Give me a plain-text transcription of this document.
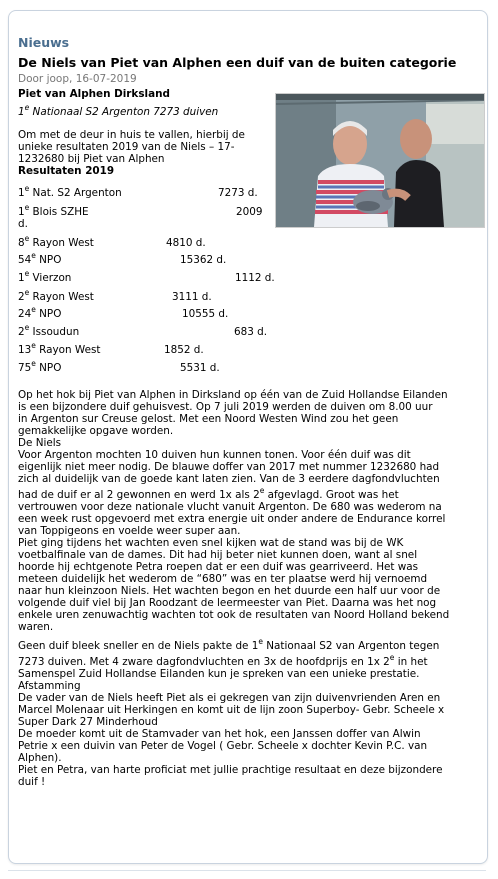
Nieuws
De Niels van Piet van Alphen een duif van de buiten categorie
Door joop, 16-07-2019
Piet van Alphen Dirksland
1e Nationaal S2 Argenton 7273 duiven
Om met de deur in huis te vallen, hierbij de
unieke resultaten 2019 van de Niels – 17-
1232680 bij Piet van Alphen
Resultaten 2019
1e Nat. S2 Argenton	7273 d.
1e Blois SZHE	2009
d.
8e Rayon West	4810 d.
54e NPO	15362 d.
1e Vierzon	1112 d.
2e Rayon West	3111 d.
24e NPO	10555 d.
2e Issoudun	683 d.
13e Rayon West	1852 d.
75e NPO	5531 d.

Op het hok bij Piet van Alphen in Dirksland op één van de Zuid Hollandse Eilanden

is een bijzondere duif gehuisvest. Op 7 juli 2019 werden de duiven om 8.00 uur

in Argenton sur Creuse gelost. Met een Noord Westen Wind zou het geen

gemakkelijke opgave worden.

De Niels

Voor Argenton mochten 10 duiven hun kunnen tonen. Voor één duif was dit

eigenlijk niet meer nodig. De blauwe doffer van 2017 met nummer 1232680 had

zich al duidelijk van de goede kant laten zien. Van de 3 eerdere dagfondvluchten

had de duif er al 2 gewonnen en werd 1x als 2e afgevlagd. Groot was het

vertrouwen voor deze nationale vlucht vanuit Argenton. De 680 was wederom na

een week rust opgevoerd met extra energie uit onder andere de Endurance korrel

van Toppigeons en voelde weer super aan.

Piet ging tijdens het wachten even snel kijken wat de stand was bij de WK

voetbalfinale van de dames. Dit had hij beter niet kunnen doen, want al snel

hoorde hij echtgenote Petra roepen dat er een duif was gearriveerd. Het was

meteen duidelijk het wederom de “680” was en ter plaatse werd hij vernoemd

naar hun kleinzoon Niels. Het wachten begon en het duurde een half uur voor de

volgende duif viel bij Jan Roodzant de leermeester van Piet. Daarna was het nog

enkele uren zenuwachtig wachten tot ook de resultaten van Noord Holland bekend

waren.

Geen duif bleek sneller en de Niels pakte de 1e Nationaal S2 van Argenton tegen

7273 duiven. Met 4 zware dagfondvluchten en 3x de hoofdprijs en 1x 2e in het

Samenspel Zuid Hollandse Eilanden kun je spreken van een unieke prestatie.

Afstamming

De vader van de Niels heeft Piet als ei gekregen van zijn duivenvrienden Aren en

Marcel Molenaar uit Herkingen en komt uit de lijn zoon Superboy- Gebr. Scheele x

Super Dark 27 Minderhoud

De moeder komt uit de Stamvader van het hok, een Janssen doffer van Alwin

Petrie x een duivin van Peter de Vogel ( Gebr. Scheele x dochter Kevin P.C. van

Alphen).

Piet en Petra, van harte proficiat met jullie prachtige resultaat en deze bijzondere

duif !
